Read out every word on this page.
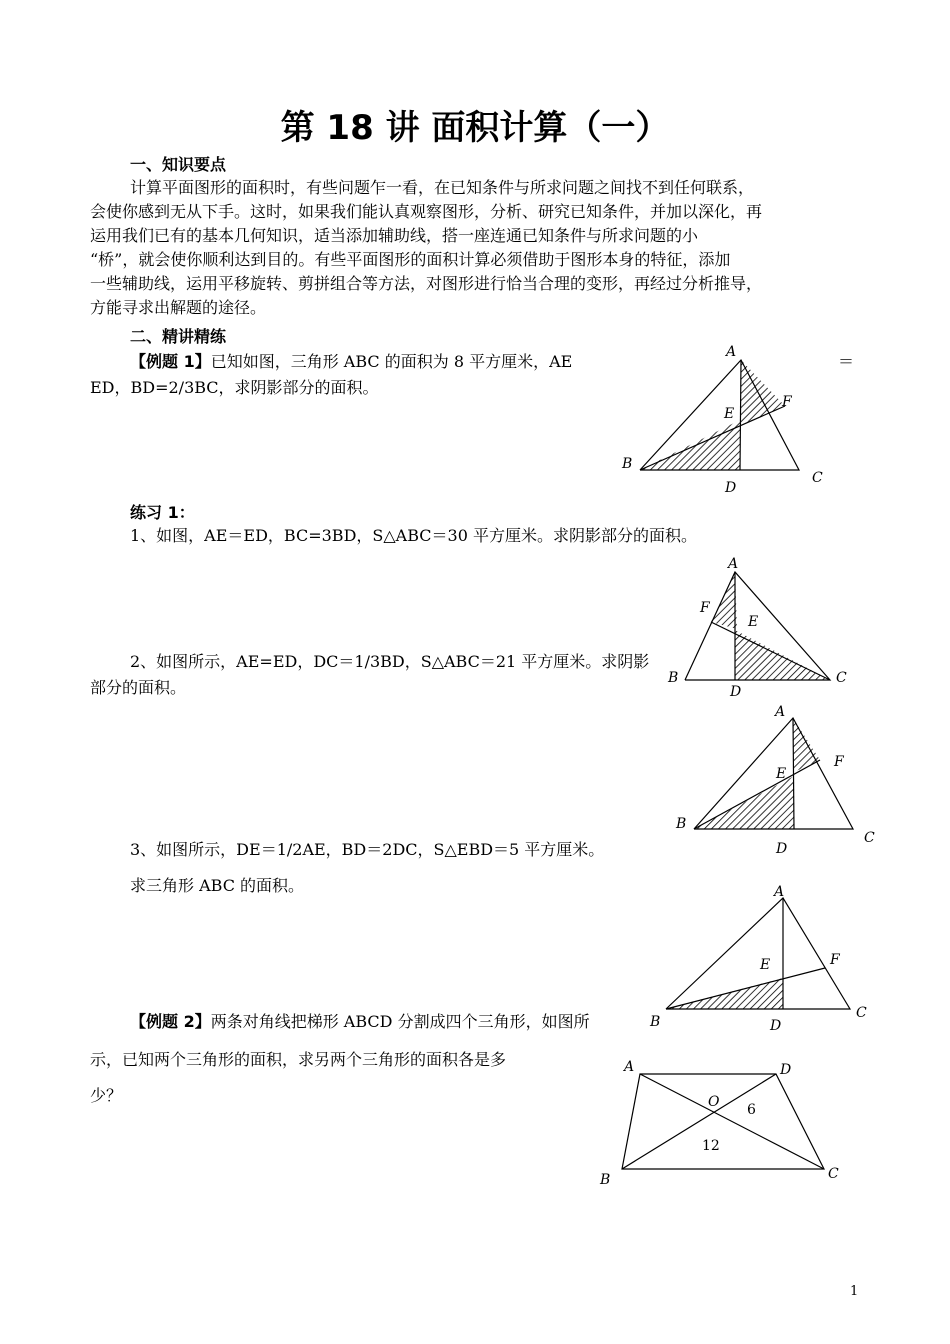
第 18 讲 面积计算（一）
一、知识要点
计算平面图形的面积时，有些问题乍一看，在已知条件与所求问题之间找不到任何联系，
会使你感到无从下手。这时，如果我们能认真观察图形，分析、研究已知条件，并加以深化，再
运用我们已有的基本几何知识，适当添加辅助线，搭一座连通已知条件与所求问题的小
“桥”，就会使你顺利达到目的。有些平面图形的面积计算必须借助于图形本身的特征，添加
一些辅助线，运用平移旋转、剪拼组合等方法，对图形进行恰当合理的变形，再经过分析推导，
方能寻求出解题的途径。
二、精讲精练
【例题 1】已知如图，三角形 ABC 的面积为 8 平方厘米，AE	＝
ED，BD=2/3BC，求阴影部分的面积。
A
B
C
D
E
F
练习 1：
1、如图，AE＝ED，BC=3BD，S△ABC＝30 平方厘米。求阴影部分的面积。
A
B	C
D
E
F
2、如图所示，AE=ED，DC＝1/3BD，S△ABC＝21 平方厘米。求阴影
部分的面积。
A
B
C
D
E
F
3、如图所示，DE＝1/2AE，BD＝2DC，S△EBD＝5 平方厘米。
求三角形 ABC 的面积。	A
B
C
D
E	F
【例题 2】两条对角线把梯形 ABCD 分割成四个三角形，如图所
示，已知两个三角形的面积，求另两个三角形的面积各是多
少？
A	D
B	C
O 6
12
1
